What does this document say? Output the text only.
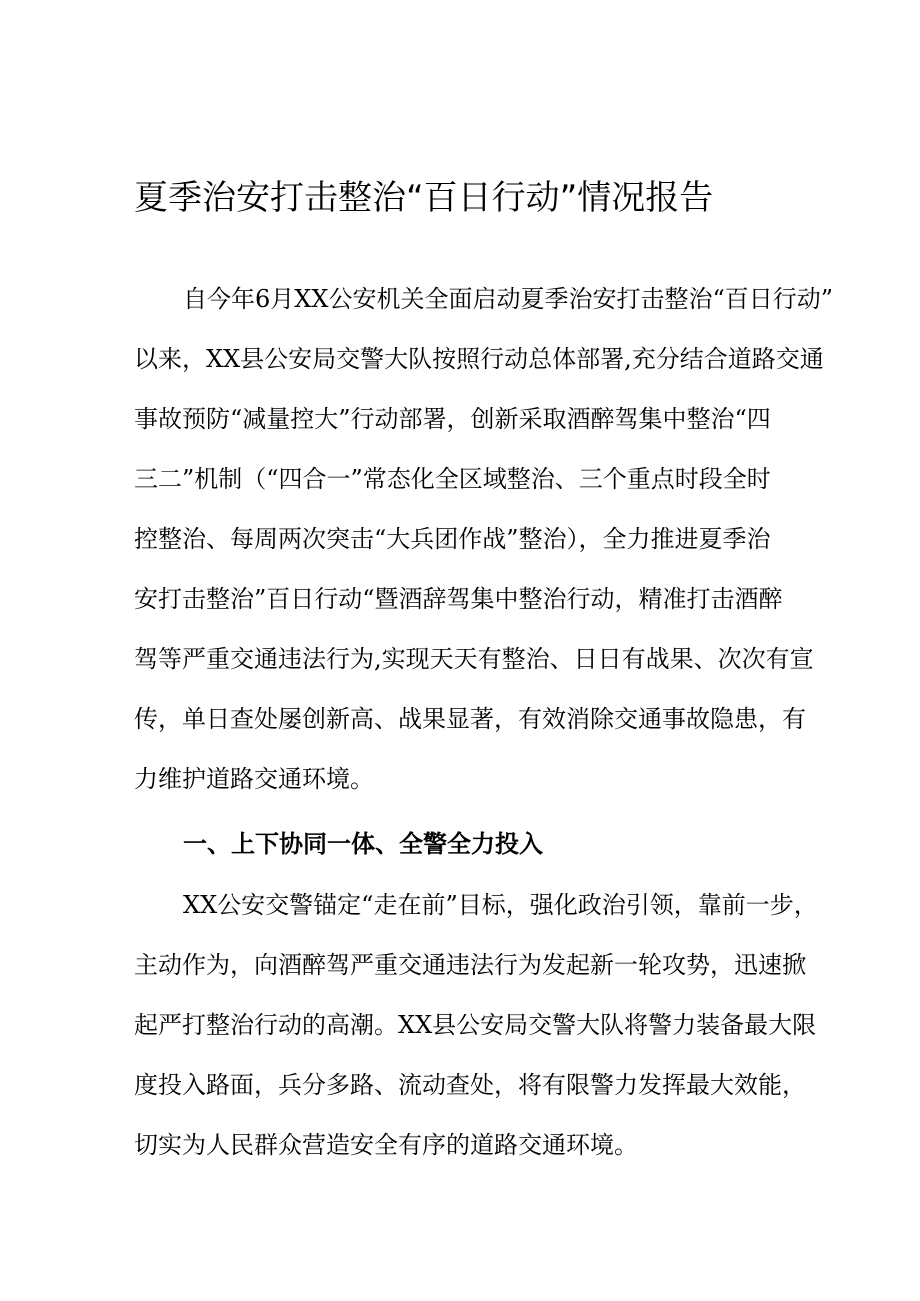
夏季治安打击整治“百日行动”情况报告

自今年6月XX公安机关全面启动夏季治安打击整治“百日行动”

以来，XX县公安局交警大队按照行动总体部署,充分结合道路交通

事故预防“减量控大”行动部署，创新采取酒醉驾集中整治“四

三二”机制（“四合一”常态化全区域整治、三个重点时段全时

控整治、每周两次突击“大兵团作战”整治），全力推进夏季治

安打击整治”百日行动“暨酒辞驾集中整治行动，精准打击酒醉

驾等严重交通违法行为,实现天天有整治、日日有战果、次次有宣

传，单日查处屡创新高、战果显著，有效消除交通事故隐患，有

力维护道路交通环境。

一、上下协同一体、全警全力投入

XX公安交警锚定“走在前”目标，强化政治引领，靠前一步，

主动作为，向酒醉驾严重交通违法行为发起新一轮攻势，迅速掀

起严打整治行动的高潮。XX县公安局交警大队将警力装备最大限

度投入路面，兵分多路、流动查处，将有限警力发挥最大效能，

切实为人民群众营造安全有序的道路交通环境。
